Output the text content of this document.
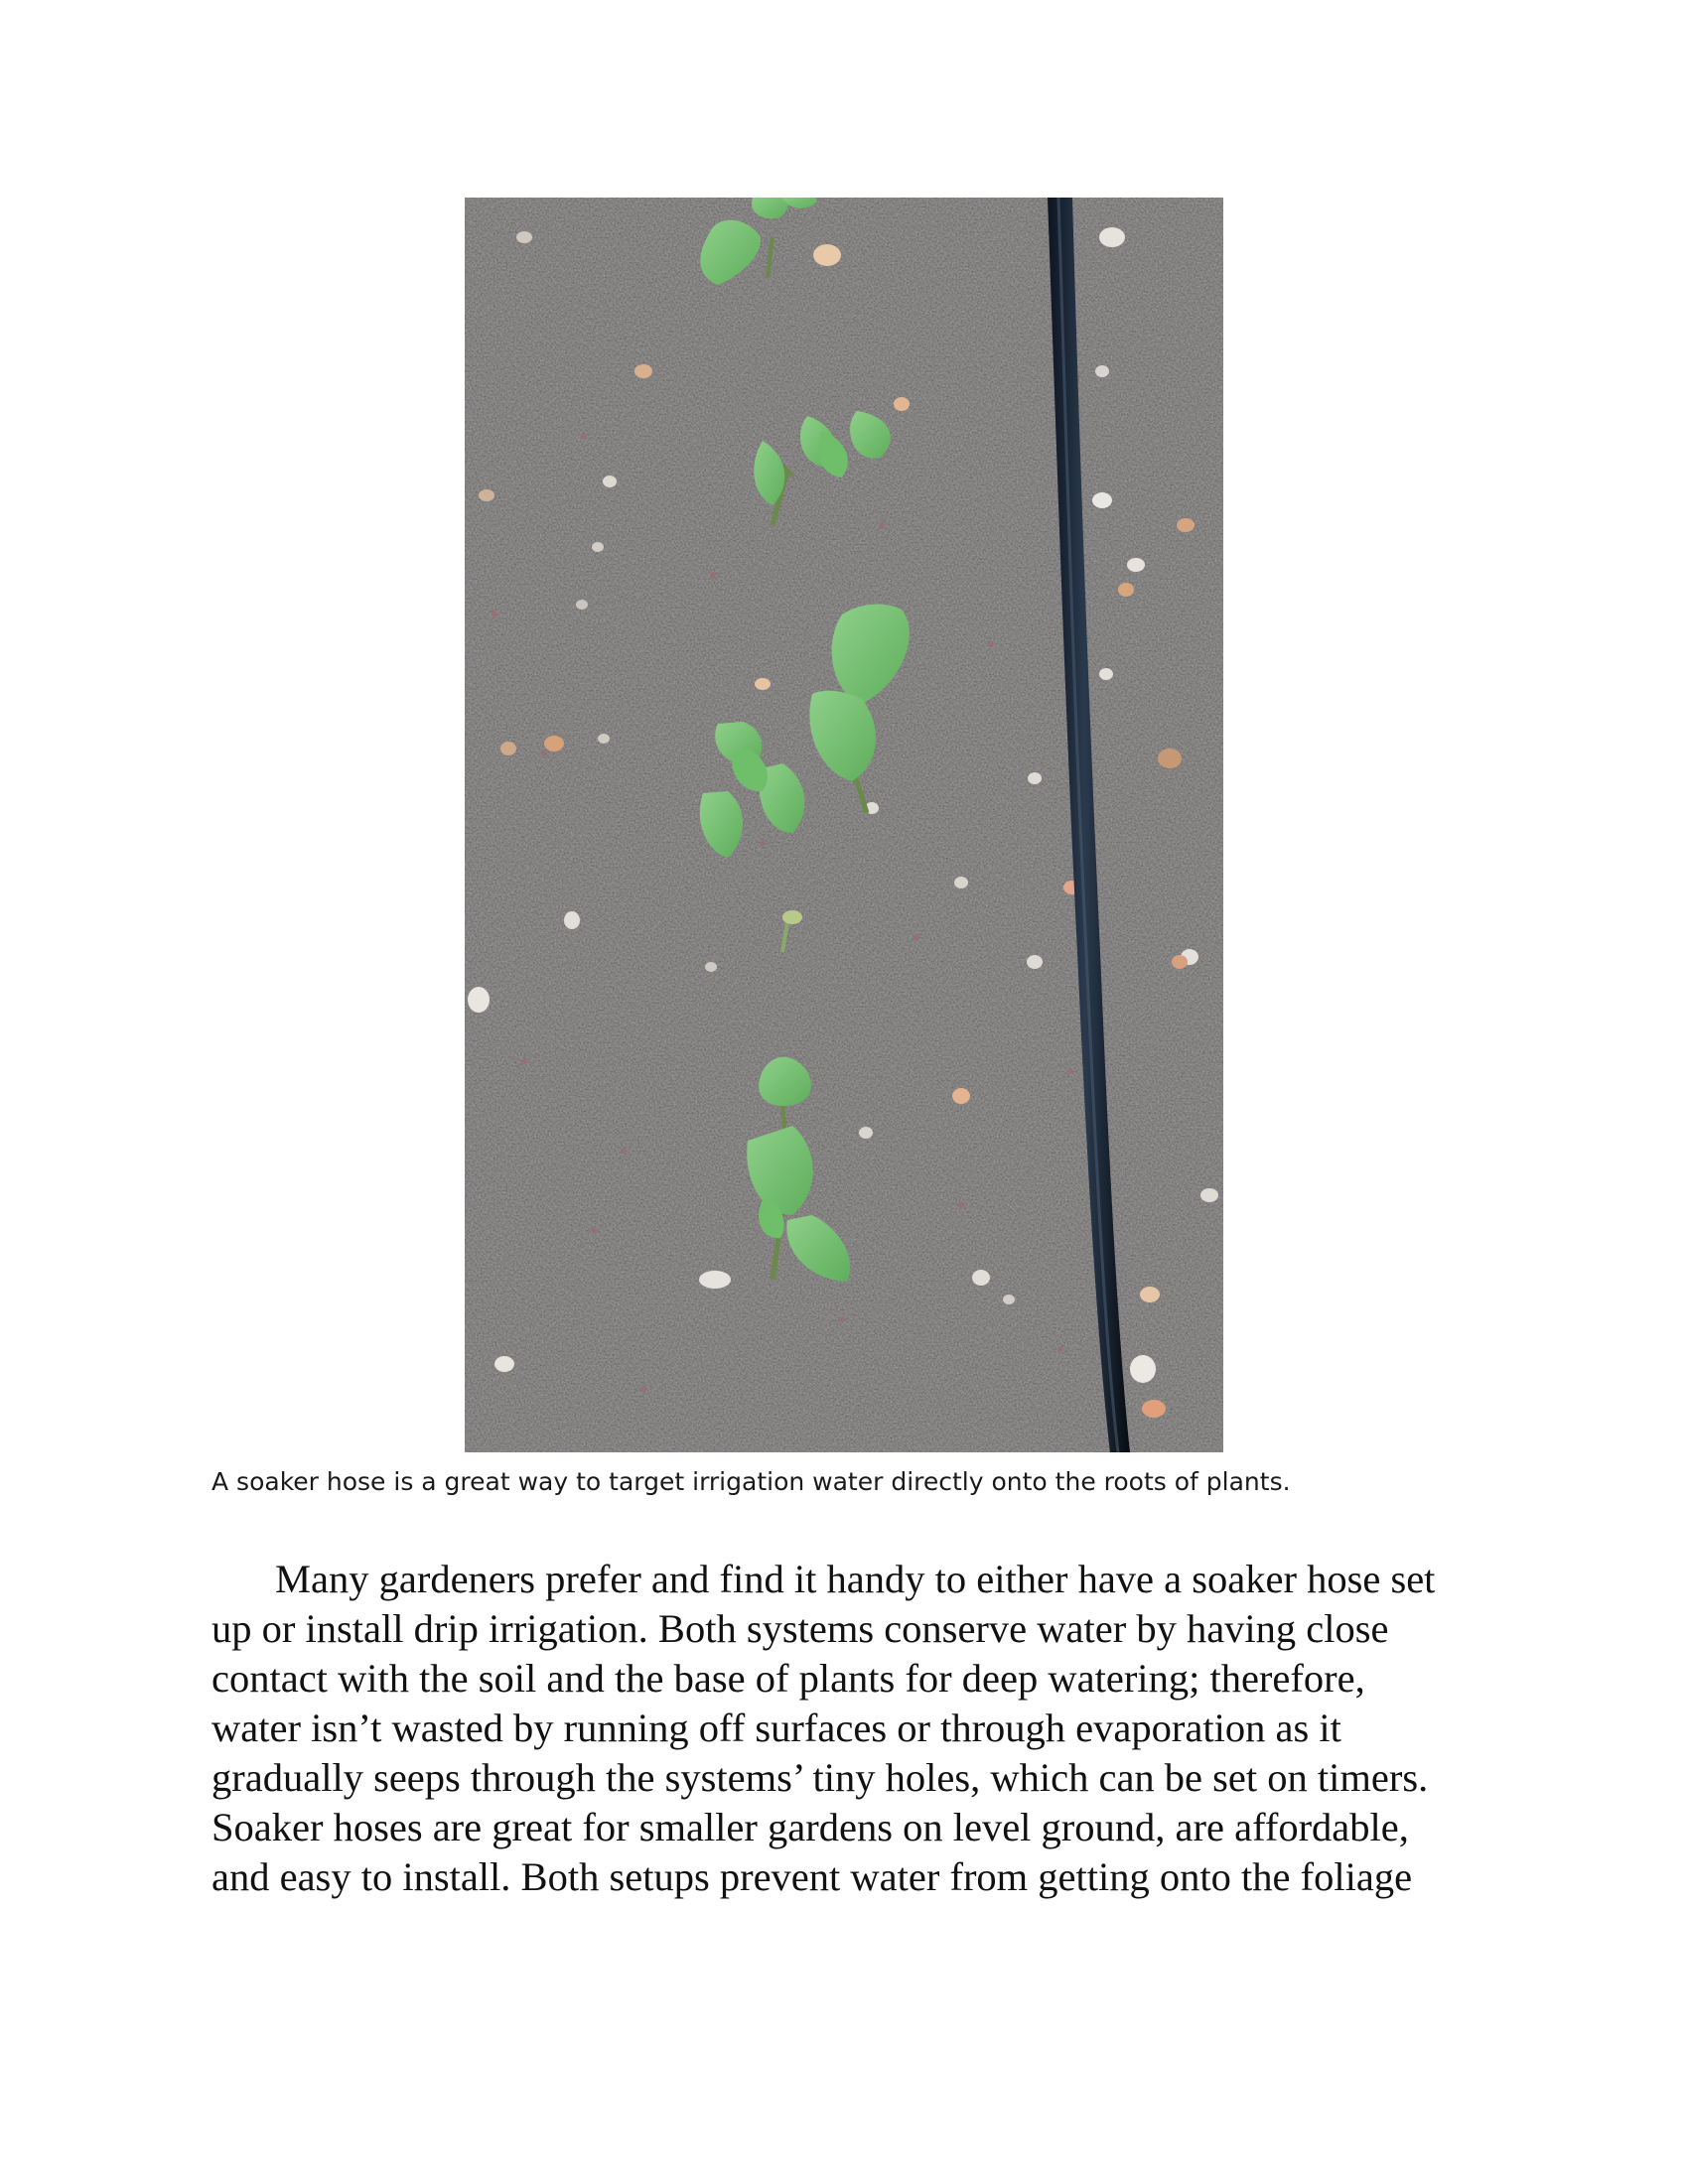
A soaker hose is a great way to target irrigation water directly onto the roots of plants.

Many gardeners prefer and find it handy to either have a soaker hose set
up or install drip irrigation. Both systems conserve water by having close
contact with the soil and the base of plants for deep watering; therefore,
water isn’t wasted by running off surfaces or through evaporation as it
gradually seeps through the systems’ tiny holes, which can be set on timers.
Soaker hoses are great for smaller gardens on level ground, are affordable,
and easy to install. Both setups prevent water from getting onto the foliage
